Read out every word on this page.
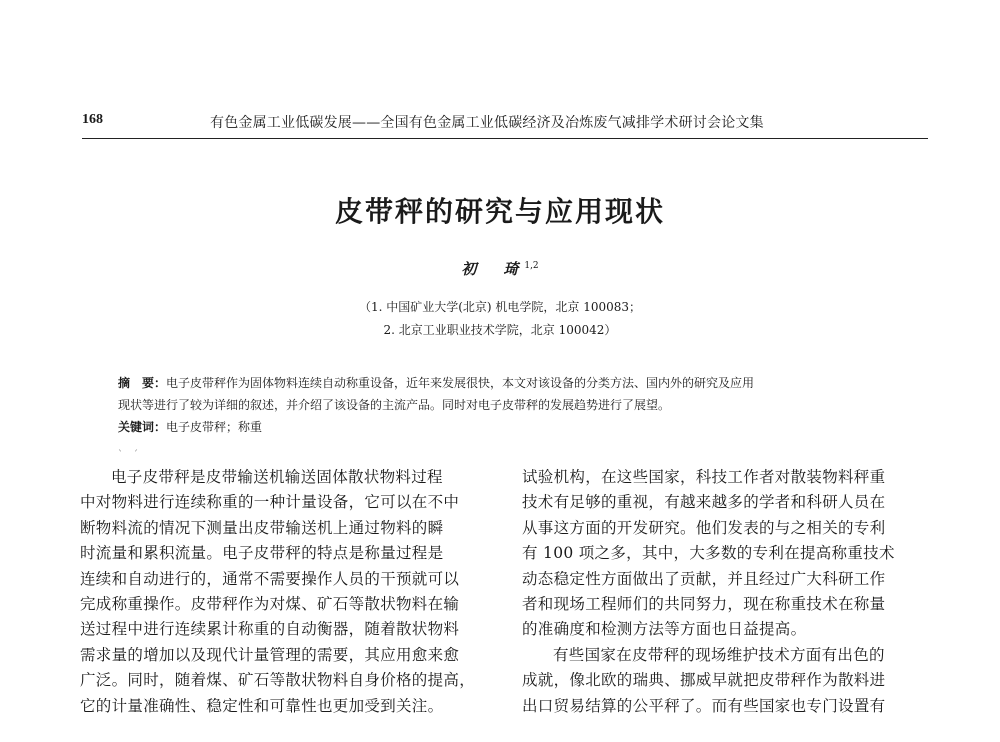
168	有色金属工业低碳发展——全国有色金属工业低碳经济及冶炼废气减排学术研讨会论文集
皮带秤的研究与应用现状
初　琦$^{1,2}$
（1. 中国矿业大学(北京) 机电学院，北京 100083；
2. 北京工业职业技术学院，北京 100042）
摘　要：电子皮带秤作为固体物料连续自动称重设备，近年来发展很快，本文对该设备的分类方法、国内外的研究及应用
现状等进行了较为详细的叙述，并介绍了该设备的主流产品。同时对电子皮带秤的发展趋势进行了展望。
关键词：电子皮带秤；称重
ˋ　ˊ

电子皮带秤是皮带输送机输送固体散状物料过程

中对物料进行连续称重的一种计量设备，它可以在不中

断物料流的情况下测量出皮带输送机上通过物料的瞬

时流量和累积流量。电子皮带秤的特点是称量过程是

连续和自动进行的，通常不需要操作人员的干预就可以

完成称重操作。皮带秤作为对煤、矿石等散状物料在输

送过程中进行连续累计称重的自动衡器，随着散状物料

需求量的增加以及现代计量管理的需要，其应用愈来愈

广泛。同时，随着煤、矿石等散状物料自身价格的提高，

它的计量准确性、稳定性和可靠性也更加受到关注。

试验机构，在这些国家，科技工作者对散装物料秤重

技术有足够的重视，有越来越多的学者和科研人员在

从事这方面的开发研究。他们发表的与之相关的专利

有 100 项之多，其中，大多数的专利在提高称重技术

动态稳定性方面做出了贡献，并且经过广大科研工作

者和现场工程师们的共同努力，现在称重技术在称量

的准确度和检测方法等方面也日益提高。

有些国家在皮带秤的现场维护技术方面有出色的

成就，像北欧的瑞典、挪威早就把皮带秤作为散料进

出口贸易结算的公平秤了。而有些国家也专门设置有
